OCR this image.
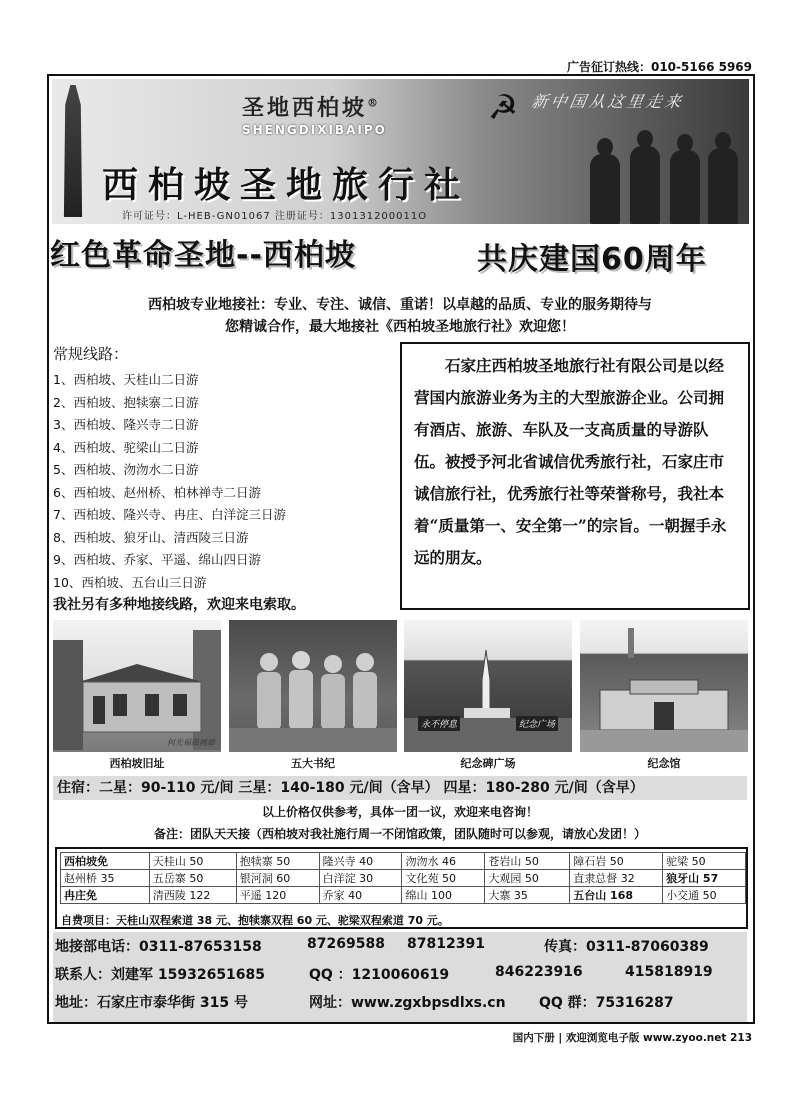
广告征订热线：010-5166 5969
圣地西柏坡®
SHENGDIXIBAIPO
☭ 新中国从这里走来
西柏坡圣地旅行社
许可证号：L-HEB-GN01067 注册证号：130131200011O
红色革命圣地--西柏坡	共庆建国60周年
西柏坡专业地接社：专业、专注、诚信、重诺！以卓越的品质、专业的服务期待与
您精诚合作，最大地接社《西柏坡圣地旅行社》欢迎您！
常规线路：
1、西柏坡、天桂山二日游
2、西柏坡、抱犊寨二日游
3、西柏坡、隆兴寺二日游
4、西柏坡、驼梁山二日游
5、西柏坡、沕沕水二日游
6、西柏坡、赵州桥、柏林禅寺二日游
7、西柏坡、隆兴寺、冉庄、白洋淀三日游
8、西柏坡、狼牙山、清西陵三日游
9、西柏坡、乔家、平遥、绵山四日游
10、西柏坡、五台山三日游
我社另有多种地接线路，欢迎来电索取。

石家庄西柏坡圣地旅行社有限公司是以经营国内旅游业务为主的大型旅游企业。公司拥有酒店、旅游、车队及一支高质量的导游队伍。被授予河北省诚信优秀旅行社，石家庄市诚信旅行社，优秀旅行社等荣誉称号，我社本着“质量第一、安全第一”的宗旨。一朝握手永远的朋友。

何光福摄画廊
永不停息	纪念广场
西柏坡旧址	五大书纪	纪念碑广场	纪念馆
住宿：二星：90-110 元/间 三星：140-180 元/间（含早） 四星：180-280 元/间（含早）
以上价格仅供参考，具体一团一议，欢迎来电咨询！
备注：团队天天接（西柏坡对我社施行周一不闭馆政策，团队随时可以参观，请放心发团！）
西柏坡免	天桂山 50	抱犊寨 50	隆兴寺 40	沕沕水 46	苍岩山 50	障石岩 50	驼梁 50
赵州桥 35	五岳寨 50	银河洞 60	白洋淀 30	文化苑 50	大观园 50	直隶总督 32	狼牙山 57
冉庄免	清西陵 122	平遥 120	乔家 40	绵山 100	大寨 35	五台山 168	小交通 50
自费项目：天桂山双程索道 38 元、抱犊寨双程 60 元、驼梁双程索道 70 元。
地接部电话：0311-87653158	87269588 87812391	传真：0311-87060389
联系人：刘建军 15932651685	QQ ：1210060619	846223916	415818919
地址：石家庄市泰华街 315 号	网址：www.zgxbpsdlxs.cn QQ 群：75316287
国内下册 | 欢迎浏览电子版 www.zyoo.net 213
